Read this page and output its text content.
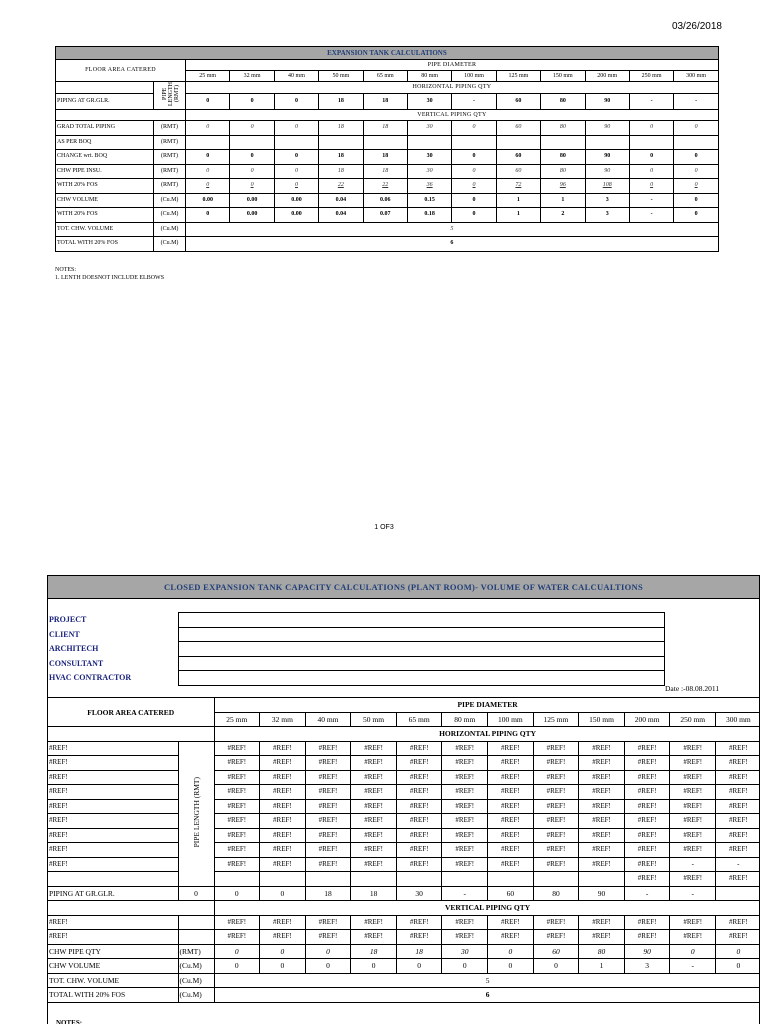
03/26/2018
EXPANSION TANK CALCULATIONS													
FLOOR AREA CATERED		PIPE DIAMETER											
		25 mm	32 mm	40 mm	50 mm	65 mm	80 mm	100 mm	125 mm	150 mm	200 mm	250 mm	300 mm
	PIPE LENGTH (RMT)	HORIZONTAL PIPING QTY											
PIPING AT GR.GLR.		0	0	0	18	18	30	-	60	80	90	-	-
		VERTICAL PIPING QTY											
GRAD TOTAL PIPING	(RMT)	0	0	0	18	18	30	0	60	80	90	0	0
AS PER BOQ	(RMT)												
CHANGE wrt. BOQ	(RMT)	0	0	0	18	18	30	0	60	80	90	0	0
CHW PIPE INSU.	(RMT)	0	0	0	18	18	30	0	60	80	90	0	0
WITH 20% FOS	(RMT)	0	0	0	22	22	36	0	72	96	108	0	0
CHW VOLUME	(Cu.M)	0.00	0.00	0.00	0.04	0.06	0.15	0	1	1	3	-	0
WITH 20% FOS	(Cu.M)	0	0.00	0.00	0.04	0.07	0.18	0	1	2	3	-	0
TOT. CHW. VOLUME	(Cu.M)	5											
TOTAL WITH 20% FOS	(Cu.M)	6											
NOTES:
1. LENTH DOESNOT INCLUDE ELBOWS
1 OF3
CLOSED EXPANSION TANK CAPACITY CALCULATIONS (PLANT ROOM)- VOLUME OF WATER CALCUALTIONS
PROJECT	
CLIENT	
ARCHITECH	
CONSULTANT	
HVAC CONTRACTOR	
Date :-08.08.2011
FLOOR AREA CATERED		PIPE DIAMETER											
		25 mm	32 mm	40 mm	50 mm	65 mm	80 mm	100 mm	125 mm	150 mm	200 mm	250 mm	300 mm
		HORIZONTAL PIPING QTY											
#REF!	PIPE LENGTH (RMT)	#REF!	#REF!	#REF!	#REF!	#REF!	#REF!	#REF!	#REF!	#REF!	#REF!	#REF!	#REF!
#REF!		#REF!	#REF!	#REF!	#REF!	#REF!	#REF!	#REF!	#REF!	#REF!	#REF!	#REF!	#REF!
#REF!		#REF!	#REF!	#REF!	#REF!	#REF!	#REF!	#REF!	#REF!	#REF!	#REF!	#REF!	#REF!
#REF!		#REF!	#REF!	#REF!	#REF!	#REF!	#REF!	#REF!	#REF!	#REF!	#REF!	#REF!	#REF!
#REF!		#REF!	#REF!	#REF!	#REF!	#REF!	#REF!	#REF!	#REF!	#REF!	#REF!	#REF!	#REF!
#REF!		#REF!	#REF!	#REF!	#REF!	#REF!	#REF!	#REF!	#REF!	#REF!	#REF!	#REF!	#REF!
#REF!		#REF!	#REF!	#REF!	#REF!	#REF!	#REF!	#REF!	#REF!	#REF!	#REF!	#REF!	#REF!
#REF!		#REF!	#REF!	#REF!	#REF!	#REF!	#REF!	#REF!	#REF!	#REF!	#REF!	#REF!	#REF!
#REF!		#REF!	#REF!	#REF!	#REF!	#REF!	#REF!	#REF!	#REF!	#REF!	#REF!	-	-
											#REF!	#REF!	#REF!
PIPING AT GR.GLR.	0	0	0	18	18	30	-	60	80	90	-	-	
		VERTICAL PIPING QTY											
#REF!		#REF!	#REF!	#REF!	#REF!	#REF!	#REF!	#REF!	#REF!	#REF!	#REF!	#REF!	#REF!
#REF!		#REF!	#REF!	#REF!	#REF!	#REF!	#REF!	#REF!	#REF!	#REF!	#REF!	#REF!	#REF!
CHW PIPE QTY	(RMT)	0	0	0	18	18	30	0	60	80	90	0	0
CHW VOLUME	(Cu.M)	0	0	0	0	0	0	0	0	1	3	-	0
TOT. CHW. VOLUME	(Cu.M)	5											
TOTAL WITH 20% FOS	(Cu.M)	6											
NOTES:
